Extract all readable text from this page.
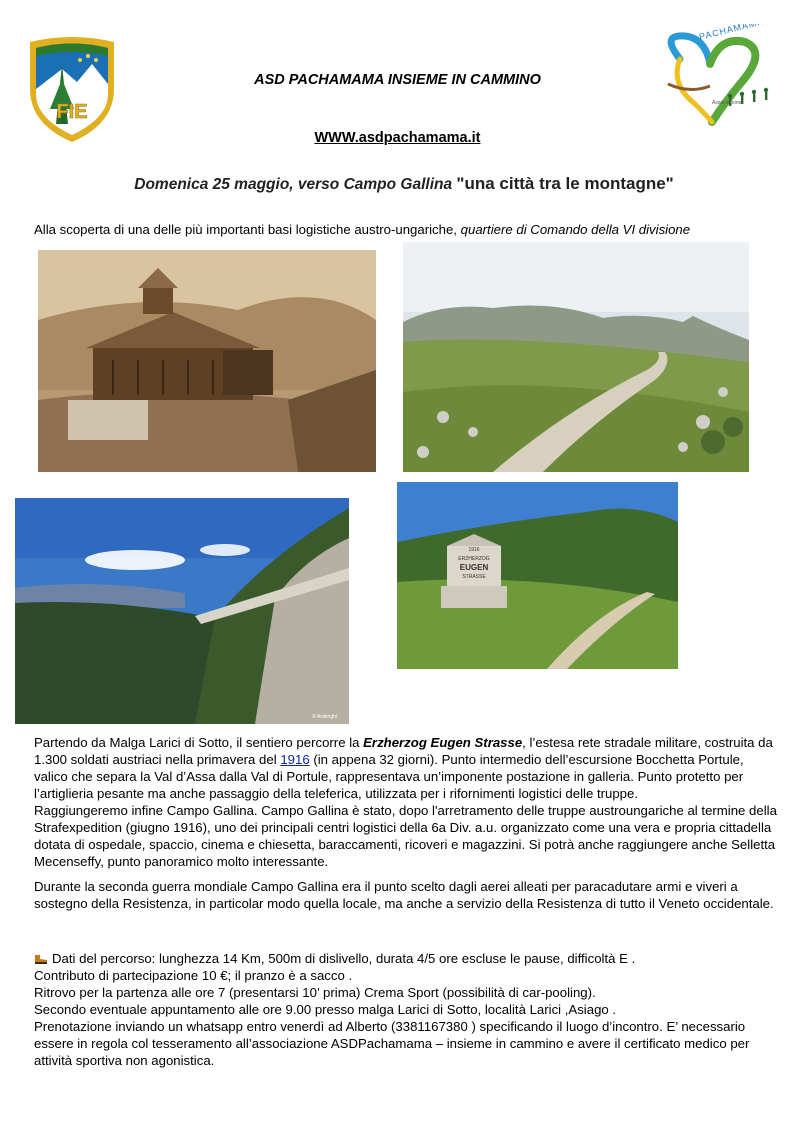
FIE
PACHAMAMA
Associazione
ASD PACHAMAMA INSIEME IN CAMMINO
WWW.asdpachamama.it
Domenica 25 maggio, verso Campo Gallina "una città tra le montagne"
Alla scoperta di una delle più importanti basi logistiche austro-ungariche, quartiere di Comando della VI divisione
© Ardenghi
1916
ERZHERZOG
EUGEN
STRASSE

Partendo da Malga Larici di Sotto, il sentiero percorre la Erzherzog Eugen Strasse, l’estesa rete stradale militare, costruita da 1.300 soldati austriaci nella primavera del 1916 (in appena 32 giorni). Punto intermedio dell’escursione Bocchetta Portule, valico che separa la Val d’Assa dalla Val di Portule, rappresentava un’imponente postazione in galleria. Punto protetto per l’artiglieria pesante ma anche passaggio della teleferica, utilizzata per i rifornimenti logistici delle truppe.

Raggiungeremo infine Campo Gallina. Campo Gallina è stato, dopo l'arretramento delle truppe austroungariche al termine della Strafexpedition (giugno 1916), uno dei principali centri logistici della 6a Div. a.u. organizzato come una vera e propria cittadella dotata di ospedale, spaccio, cinema e chiesetta, baraccamenti, ricoveri e magazzini. Si potrà anche raggiungere anche Selletta Mecenseffy, punto panoramico molto interessante.

Durante la seconda guerra mondiale Campo Gallina era il punto scelto dagli aerei alleati per paracadutare armi e viveri a sostegno della Resistenza, in particolar modo quella locale, ma anche a servizio della Resistenza di tutto il Veneto occidentale.

Dati del percorso: lunghezza 14 Km, 500m di dislivello, durata 4/5 ore escluse le pause, difficoltà E .

Contributo di partecipazione 10 €; il pranzo è a sacco .

Ritrovo per la partenza alle ore 7 (presentarsi 10’ prima) Crema Sport (possibilità di car-pooling).

Secondo eventuale appuntamento alle ore 9.00 presso malga Larici di Sotto, località Larici ,Asiago .

Prenotazione inviando un whatsapp entro venerdì ad Alberto (3381167380 ) specificando il luogo d’incontro. E’ necessario essere in regola col tesseramento all’associazione ASDPachamama – insieme in cammino e avere il certificato medico per attività sportiva non agonistica.
